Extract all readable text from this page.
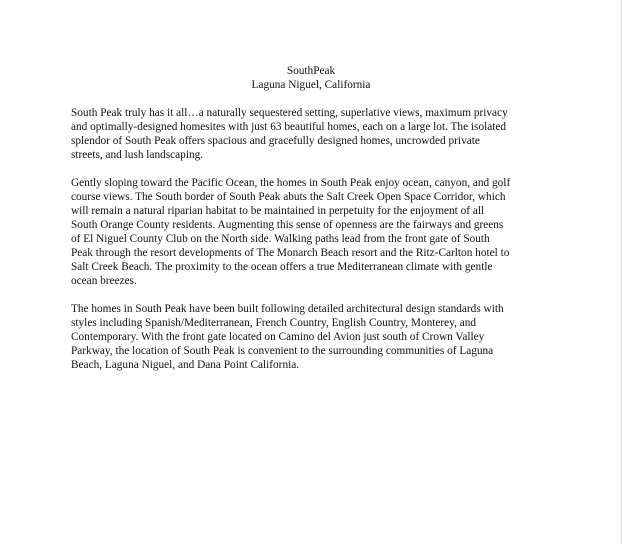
SouthPeak
Laguna Niguel, California

South Peak truly has it all…a naturally sequestered setting, superlative views, maximum privacy
and optimally-designed homesites with just 63 beautiful homes, each on a large lot. The isolated
splendor of South Peak offers spacious and gracefully designed homes, uncrowded private
streets, and lush landscaping.

Gently sloping toward the Pacific Ocean, the homes in South Peak enjoy ocean, canyon, and golf
course views. The South border of South Peak abuts the Salt Creek Open Space Corridor, which
will remain a natural riparian habitat to be maintained in perpetuity for the enjoyment of all
South Orange County residents. Augmenting this sense of openness are the fairways and greens
of El Niguel County Club on the North side. Walking paths lead from the front gate of South
Peak through the resort developments of The Monarch Beach resort and the Ritz-Carlton hotel to
Salt Creek Beach. The proximity to the ocean offers a true Mediterranean climate with gentle
ocean breezes.

The homes in South Peak have been built following detailed architectural design standards with
styles including Spanish/Mediterranean, French Country, English Country, Monterey, and
Contemporary. With the front gate located on Camino del Avion just south of Crown Valley
Parkway, the location of South Peak is convenient to the surrounding communities of Laguna
Beach, Laguna Niguel, and Dana Point California.
